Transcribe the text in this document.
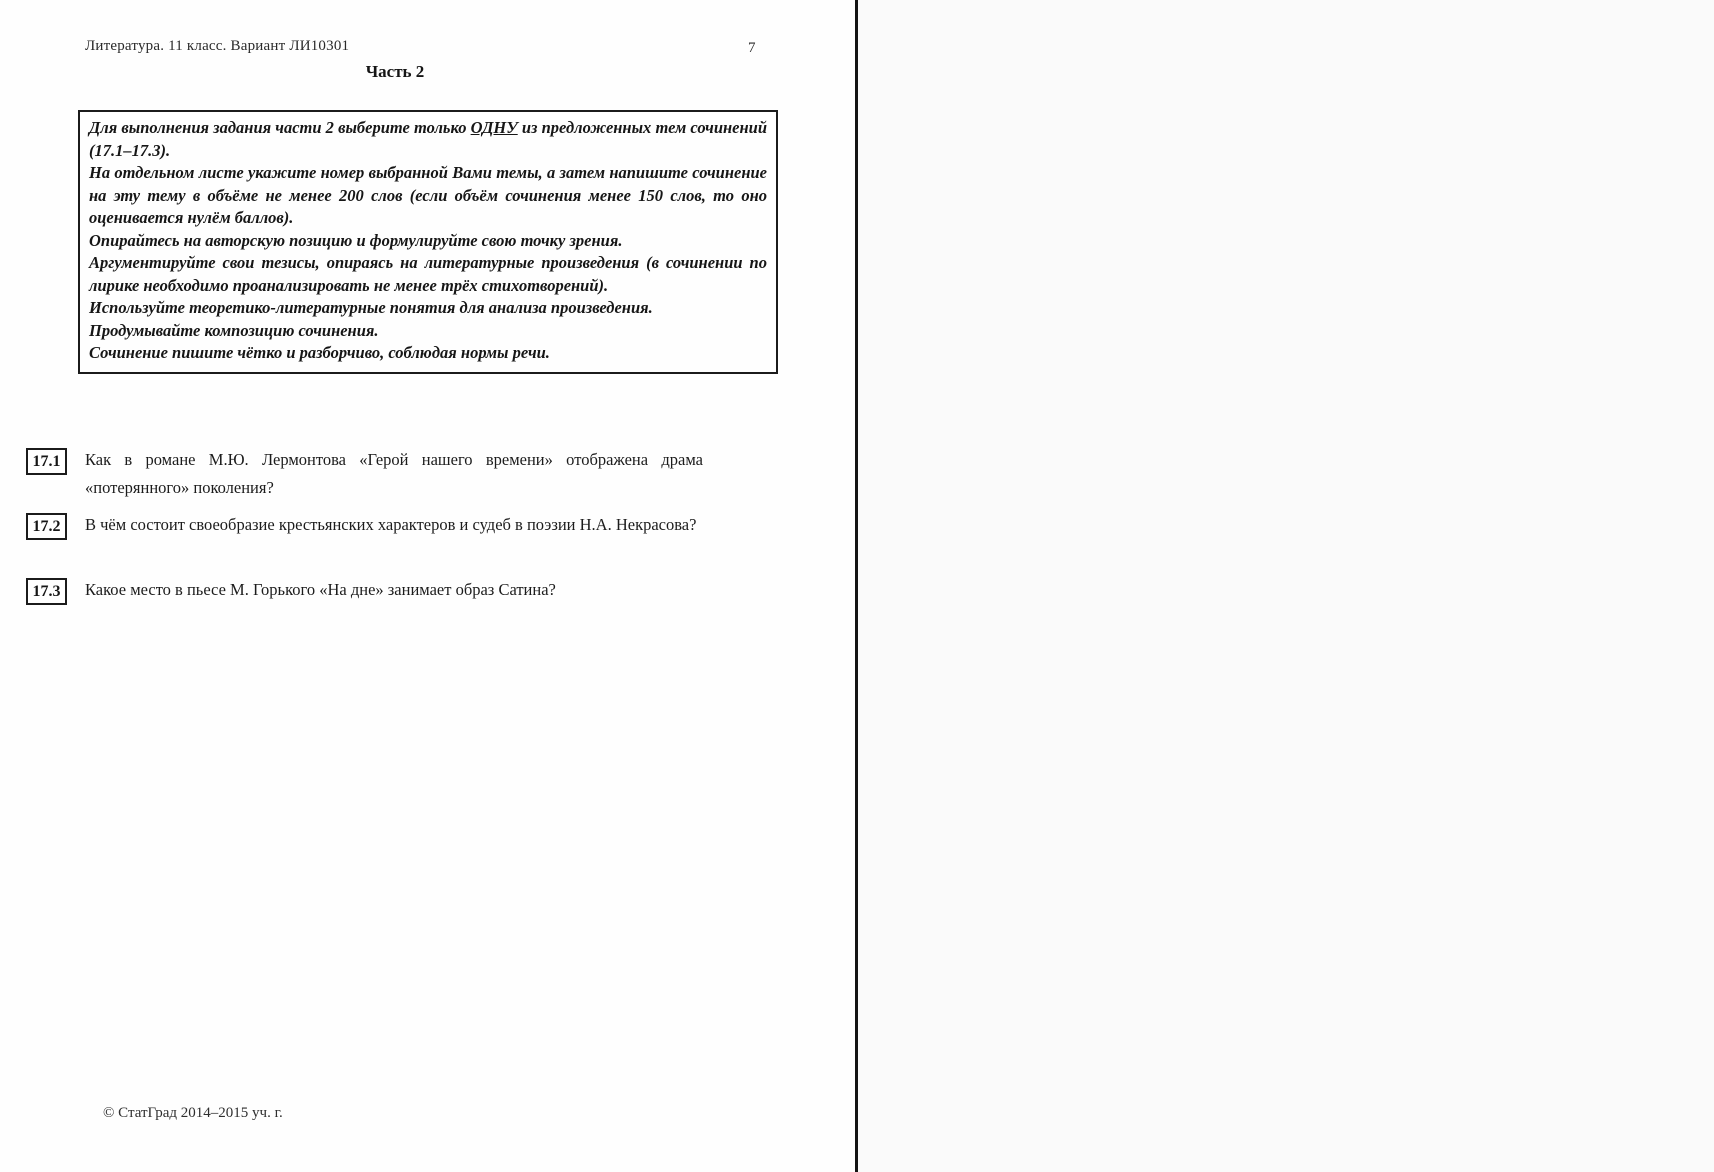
Литература. 11 класс. Вариант ЛИ10301	7
Часть 2

Для выполнения задания части 2 выберите только ОДНУ из предложенных тем сочинений (17.1–17.3).

На отдельном листе укажите номер выбранной Вами темы, а затем напишите сочинение на эту тему в объёме не менее 200 слов (если объём сочинения менее 150 слов, то оно оценивается нулём баллов).

Опирайтесь на авторскую позицию и формулируйте свою точку зрения.

Аргументируйте свои тезисы, опираясь на литературные произведения (в сочинении по лирике необходимо проанализировать не менее трёх стихотворений).

Используйте теоретико-литературные понятия для анализа произведения.

Продумывайте композицию сочинения.

Сочинение пишите чётко и разборчиво, соблюдая нормы речи.

17.1	Как в романе М.Ю. Лермонтова «Герой нашего времени» отображена драма «потерянного» поколения?
17.2	В чём состоит своеобразие крестьянских характеров и судеб в поэзии Н.А. Некрасова?
17.3	Какое место в пьесе М. Горького «На дне» занимает образ Сатина?
© СтатГрад 2014–2015 уч. г.
